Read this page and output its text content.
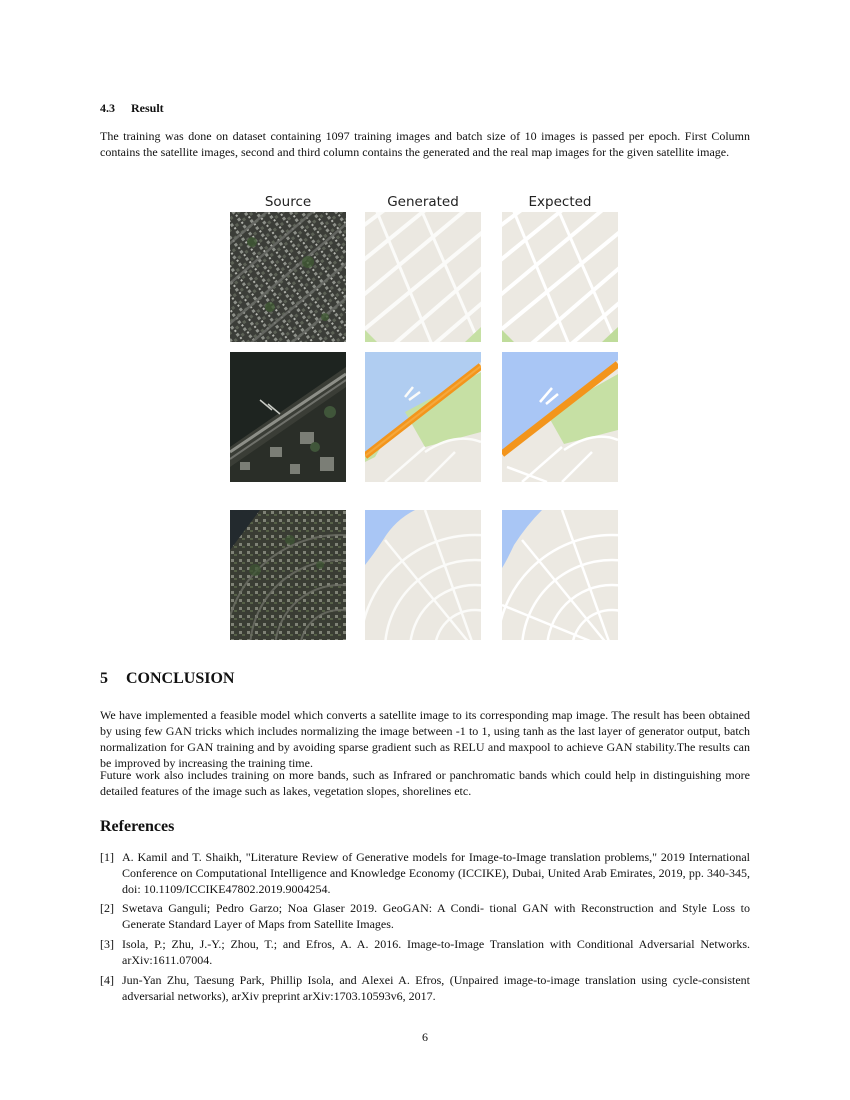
4.3 Result

The training was done on dataset containing 1097 training images and batch size of 10 images is passed per epoch. First Column contains the satellite images, second and third column contains the generated and the real map images for the given satellite image.

Source	Generated	Expected
5 CONCLUSION

We have implemented a feasible model which converts a satellite image to its corresponding map image. The result has been obtained by using few GAN tricks which includes normalizing the image between -1 to 1, using tanh as the last layer of generator output, batch normalization for GAN training and by avoiding sparse gradient such as RELU and maxpool to achieve GAN stability.The results can be improved by increasing the training time.

Future work also includes training on more bands, such as Infrared or panchromatic bands which could help in distinguishing more detailed features of the image such as lakes, vegetation slopes, shorelines etc.

References
[1] A. Kamil and T. Shaikh, "Literature Review of Generative models for Image-to-Image translation problems," 2019 International Conference on Computational Intelligence and Knowledge Economy (ICCIKE), Dubai, United Arab Emirates, 2019, pp. 340-345, doi: 10.1109/ICCIKE47802.2019.9004254.
[2] Swetava Ganguli; Pedro Garzo; Noa Glaser 2019. GeoGAN: A Condi- tional GAN with Reconstruction and Style Loss to Generate Standard Layer of Maps from Satellite Images.
[3] Isola, P.; Zhu, J.-Y.; Zhou, T.; and Efros, A. A. 2016. Image-to-Image Translation with Conditional Adversarial Networks. arXiv:1611.07004.
[4] Jun-Yan Zhu, Taesung Park, Phillip Isola, and Alexei A. Efros, (Unpaired image-to-image translation using cycle-consistent adversarial networks), arXiv preprint arXiv:1703.10593v6, 2017.
6
